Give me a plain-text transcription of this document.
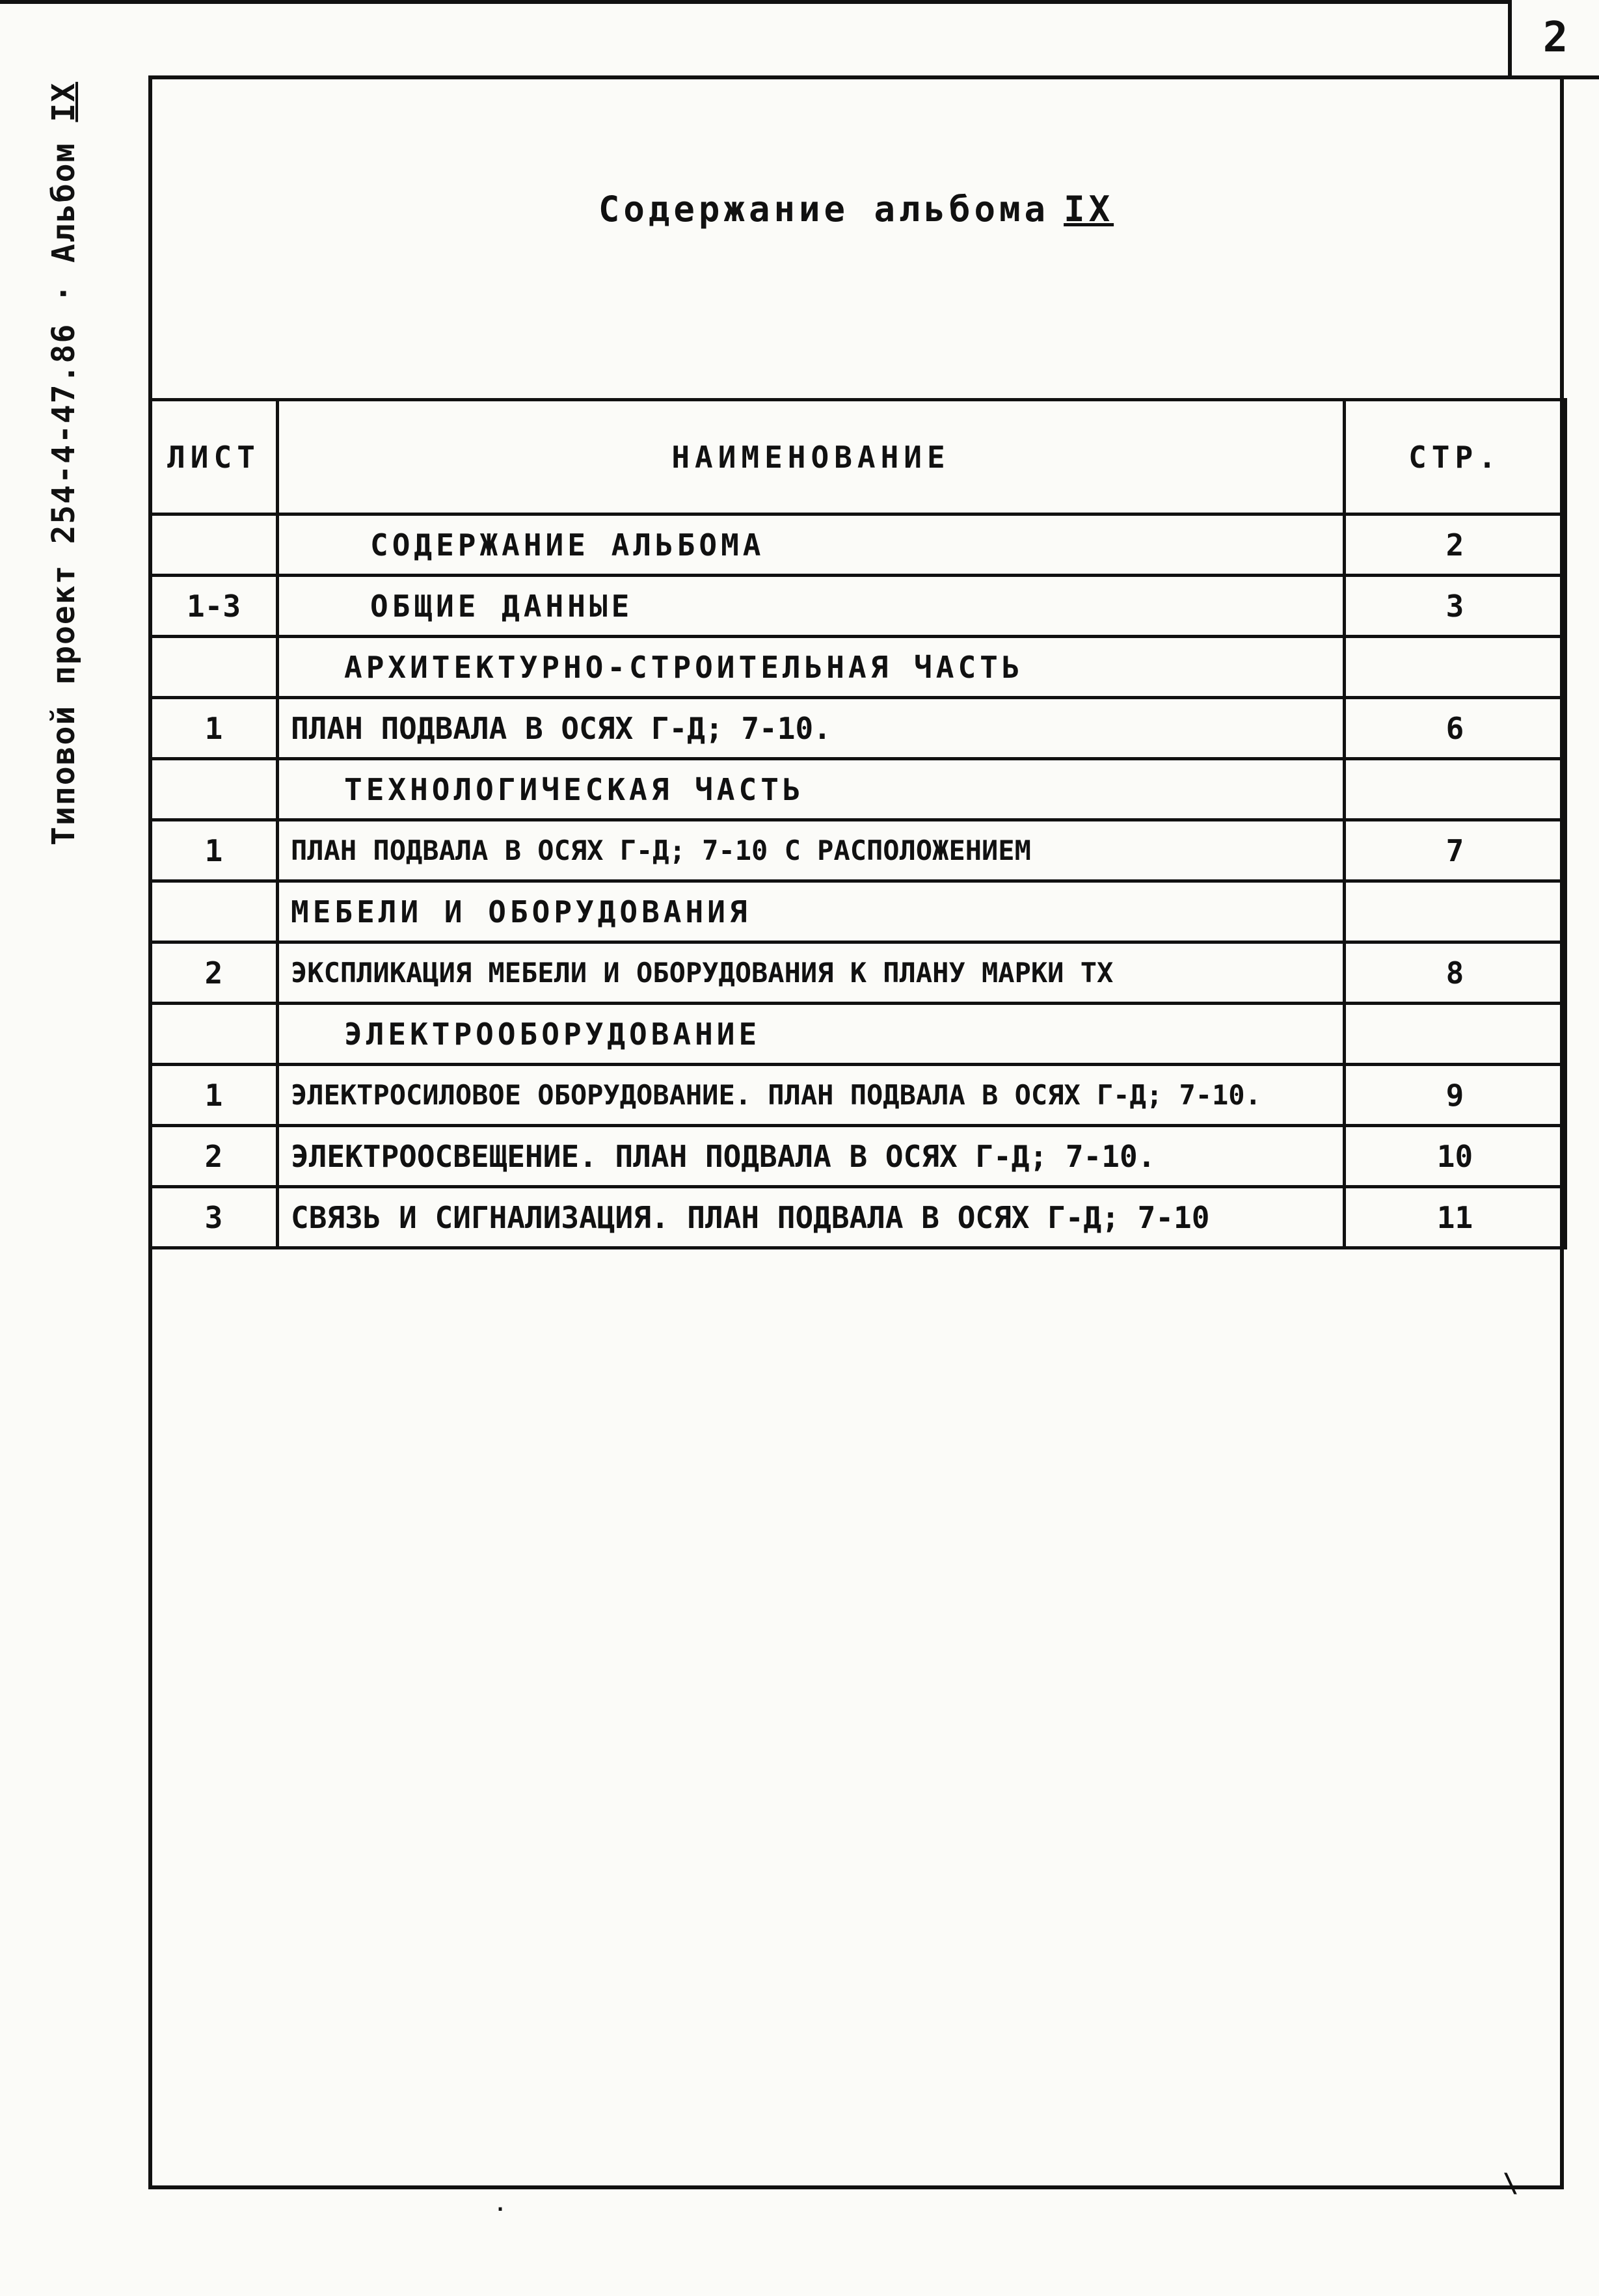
2
Типовой проект 254-4-47.86 · Альбом IX
Содержание альбома IX
ЛИСТ	НАИМЕНОВАНИЕ	СТР.
	СОДЕРЖАНИЕ АЛЬБОМА	2
1-3	ОБЩИЕ ДАННЫЕ	3
	АРХИТЕКТУРНО-СТРОИТЕЛЬНАЯ ЧАСТЬ	
1	ПЛАН ПОДВАЛА В ОСЯХ Г-Д; 7-10.	6
	ТЕХНОЛОГИЧЕСКАЯ ЧАСТЬ	
1	ПЛАН ПОДВАЛА В ОСЯХ Г-Д; 7-10 С РАСПОЛОЖЕНИЕМ	7
	МЕБЕЛИ И ОБОРУДОВАНИЯ	
2	ЭКСПЛИКАЦИЯ МЕБЕЛИ И ОБОРУДОВАНИЯ К ПЛАНУ МАРКИ ТХ	8
	ЭЛЕКТРООБОРУДОВАНИЕ	
1	ЭЛЕКТРОСИЛОВОЕ ОБОРУДОВАНИЕ. ПЛАН ПОДВАЛА В ОСЯХ Г-Д; 7-10.	9
2	ЭЛЕКТРООСВЕЩЕНИЕ. ПЛАН ПОДВАЛА В ОСЯХ Г-Д; 7-10.	10
3	СВЯЗЬ И СИГНАЛИЗАЦИЯ. ПЛАН ПОДВАЛА В ОСЯХ Г-Д; 7-10	11
\
·
